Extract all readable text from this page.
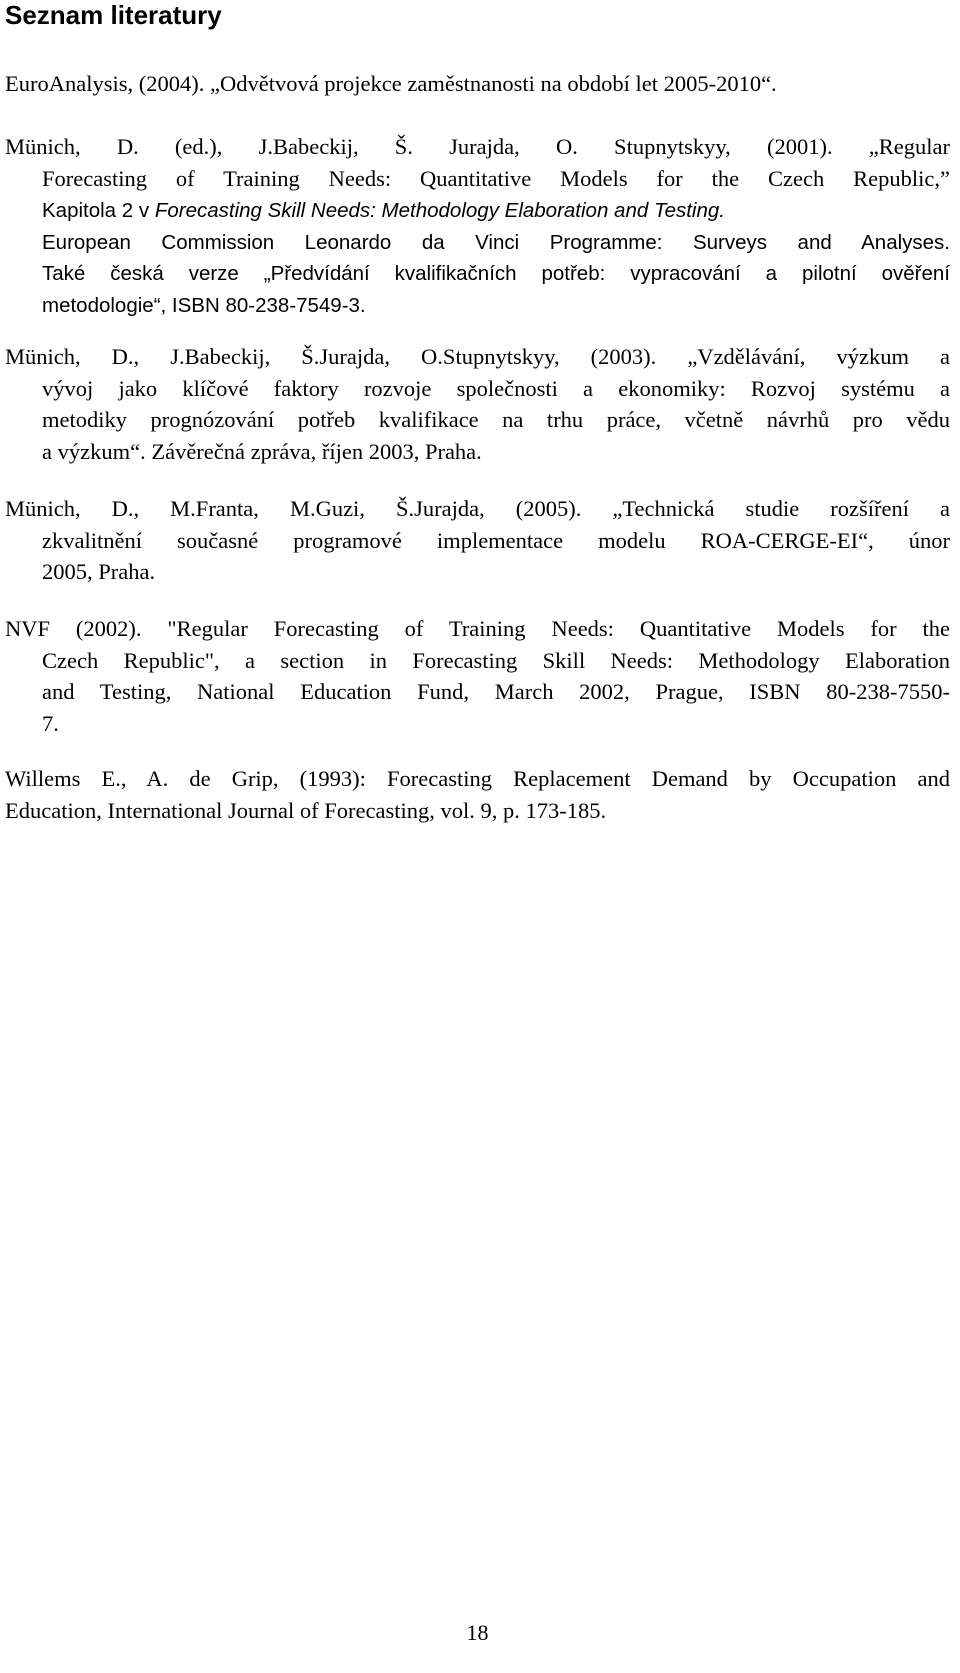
Seznam literatury
EuroAnalysis, (2004). „Odvětvová projekce zaměstnanosti na období let 2005-2010“.
Münich, D. (ed.), J.Babeckij, Š. Jurajda, O. Stupnytskyy, (2001). „Regular
Forecasting of Training Needs: Quantitative Models for the Czech Republic,”
Kapitola 2 v Forecasting Skill Needs: Methodology Elaboration and Testing.
European Commission Leonardo da Vinci Programme: Surveys and Analyses.
Také česká verze „Předvídání kvalifikačních potřeb: vypracování a pilotní ověření
metodologie“, ISBN 80-238-7549-3.
Münich, D., J.Babeckij, Š.Jurajda, O.Stupnytskyy, (2003). „Vzdělávání, výzkum a
vývoj jako klíčové faktory rozvoje společnosti a ekonomiky: Rozvoj systému a
metodiky prognózování potřeb kvalifikace na trhu práce, včetně návrhů pro vědu
a výzkum“. Závěrečná zpráva, říjen 2003, Praha.
Münich, D., M.Franta, M.Guzi, Š.Jurajda, (2005). „Technická studie rozšíření a
zkvalitnění současné programové implementace modelu ROA-CERGE-EI“, únor
2005, Praha.
NVF (2002). "Regular Forecasting of Training Needs: Quantitative Models for the
Czech Republic", a section in Forecasting Skill Needs: Methodology Elaboration
and Testing, National Education Fund, March 2002, Prague, ISBN 80-238-7550-
7.
Willems E., A. de Grip, (1993): Forecasting Replacement Demand by Occupation and
Education, International Journal of Forecasting, vol. 9, p. 173-185.
18
